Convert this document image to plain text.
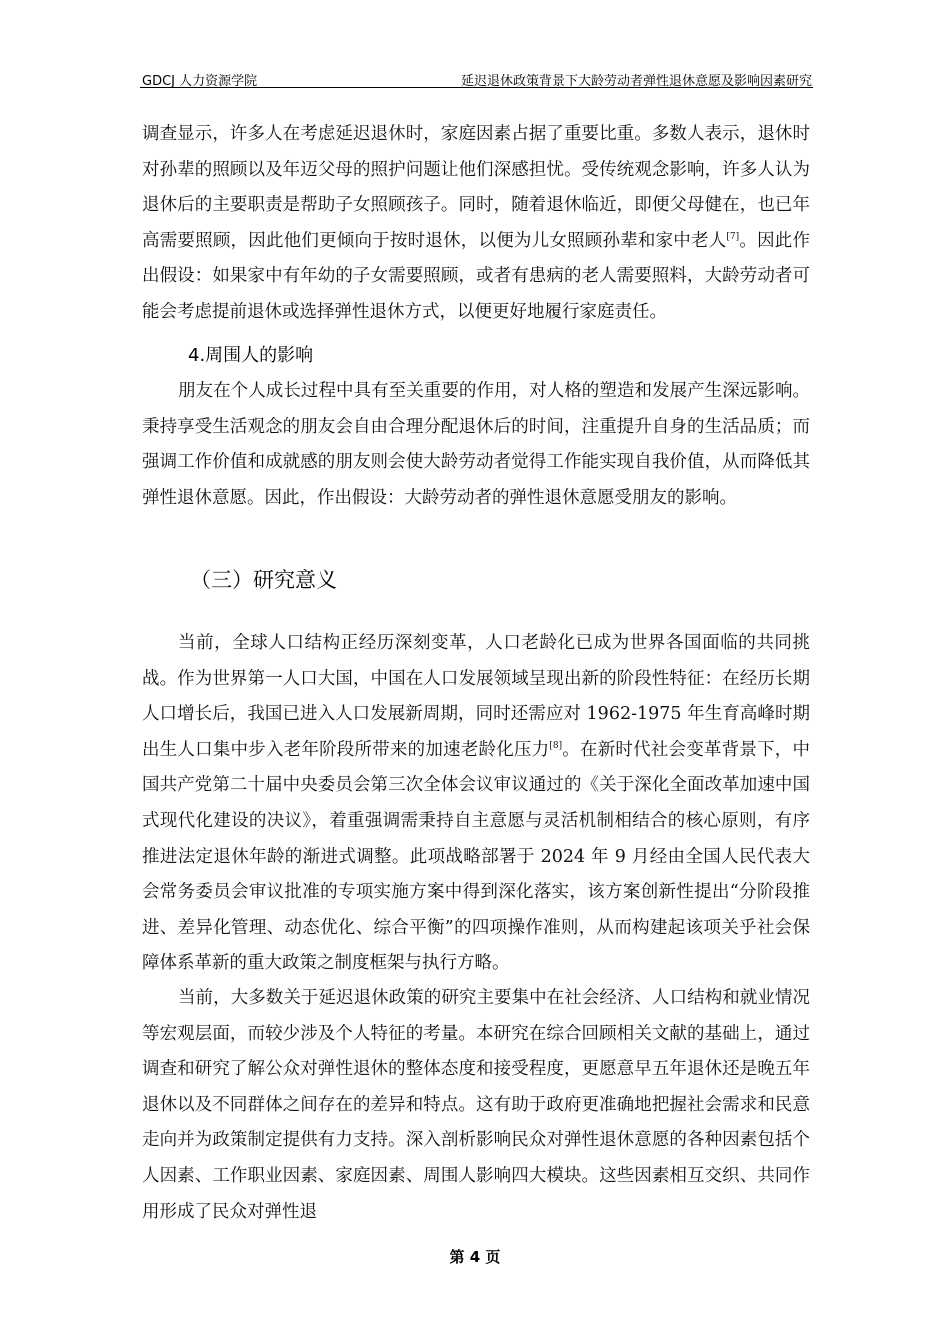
GDCJ 人力资源学院	延迟退休政策背景下大龄劳动者弹性退休意愿及影响因素研究

调查显示，许多人在考虑延迟退休时，家庭因素占据了重要比重。多数人表示，退休时对孙辈的照顾以及年迈父母的照护问题让他们深感担忧。受传统观念影响，许多人认为退休后的主要职责是帮助子女照顾孩子。同时，随着退休临近，即便父母健在，也已年高需要照顾，因此他们更倾向于按时退休，以便为儿女照顾孙辈和家中老人[7]。因此作出假设：如果家中有年幼的子女需要照顾，或者有患病的老人需要照料，大龄劳动者可能会考虑提前退休或选择弹性退休方式，以便更好地履行家庭责任。

4.周围人的影响

朋友在个人成长过程中具有至关重要的作用，对人格的塑造和发展产生深远影响。秉持享受生活观念的朋友会自由合理分配退休后的时间，注重提升自身的生活品质；而强调工作价值和成就感的朋友则会使大龄劳动者觉得工作能实现自我价值，从而降低其弹性退休意愿。因此，作出假设：大龄劳动者的弹性退休意愿受朋友的影响。

（三）研究意义

当前，全球人口结构正经历深刻变革，人口老龄化已成为世界各国面临的共同挑战。作为世界第一人口大国，中国在人口发展领域呈现出新的阶段性特征：在经历长期人口增长后，我国已进入人口发展新周期，同时还需应对 1962-1975 年生育高峰时期出生人口集中步入老年阶段所带来的加速老龄化压力[8]。在新时代社会变革背景下，中国共产党第二十届中央委员会第三次全体会议审议通过的《关于深化全面改革加速中国式现代化建设的决议》，着重强调需秉持自主意愿与灵活机制相结合的核心原则，有序推进法定退休年龄的渐进式调整。此项战略部署于 2024 年 9 月经由全国人民代表大会常务委员会审议批准的专项实施方案中得到深化落实，该方案创新性提出“分阶段推进、差异化管理、动态优化、综合平衡”的四项操作准则，从而构建起该项关乎社会保障体系革新的重大政策之制度框架与执行方略。

当前，大多数关于延迟退休政策的研究主要集中在社会经济、人口结构和就业情况等宏观层面，而较少涉及个人特征的考量。本研究在综合回顾相关文献的基础上，通过调查和研究了解公众对弹性退休的整体态度和接受程度，更愿意早五年退休还是晚五年退休以及不同群体之间存在的差异和特点。这有助于政府更准确地把握社会需求和民意走向并为政策制定提供有力支持。深入剖析影响民众对弹性退休意愿的各种因素包括个人因素、工作职业因素、家庭因素、周围人影响四大模块。这些因素相互交织、共同作用形成了民众对弹性退

第 4 页
